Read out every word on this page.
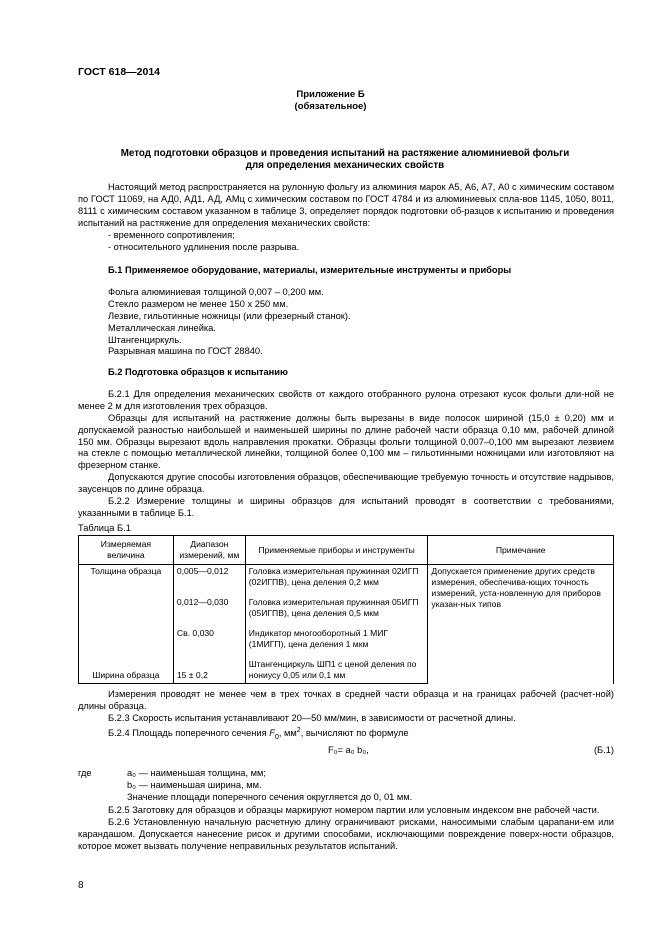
ГОСТ 618—2014
Приложение Б
(обязательное)
Метод подготовки образцов и проведения испытаний на растяжение алюминиевой фольги
для определения механических свойств

Настоящий метод распространяется на рулонную фольгу из алюминия марок А5, А6, А7, А0 с химическим составом по ГОСТ 11069, на АД0, АД1, АД, АМц с химическим составом по ГОСТ 4784 и из алюминиевых спла-вов 1145, 1050, 8011, 8111 с химическим составом указанном в таблице 3, определяет порядок подготовки об-разцов к испытанию и проведения испытаний на растяжение для определения механических свойств:

- временного сопротивления;

- относительного удлинения после разрыва.

Б.1 Применяемое оборудование, материалы, измерительные инструменты и приборы

Фольга алюминиевая толщиной 0,007 – 0,200 мм.

Стекло размером не менее 150 х 250 мм.

Лезвие, гильотинные ножницы (или фрезерный станок).

Металлическая линейка.

Штангенциркуль.

Разрывная машина по ГОСТ 28840.

Б.2 Подготовка образцов к испытанию

Б.2.1 Для определения механических свойств от каждого отобранного рулона отрезают кусок фольги дли-ной не менее 2 м для изготовления трех образцов.

Образцы для испытаний на растяжение должны быть вырезаны в виде полосок шириной (15,0 ± 0,20) мм и допускаемой разностью наибольшей и наименьшей ширины по длине рабочей части образца 0,10 мм, рабочей длиной 150 мм. Образцы вырезают вдоль направления прокатки. Образцы фольги толщиной 0,007–0,100 мм вырезают лезвием на стекле с помощью металлической линейки, толщиной более 0,100 мм – гильотинными ножницами или изготовляют на фрезерном станке.

Допускаются другие способы изготовления образцов, обеспечивающие требуемую точность и отсутствие надрывов, заусенцов по длине образца.

Б.2.2 Измерение толщины и ширины образцов для испытаний проводят в соответствии с требованиями, указанными в таблице Б.1.

Таблица Б.1
Измеряемая величина	Диапазон измерений, мм	Применяемые приборы и инструменты	Примечание
Толщина образца	0,005—0,012	Головка измерительная пружинная 02ИГП (02ИГПВ), цена деления 0,2 мкм	Допускается применение других средств измерения, обеспечива-ющих точность измерений, уста-новленную для приборов указан-ных типов
	0,012—0,030	Головка измерительная пружинная 05ИГП (05ИГПВ), цена деления 0,5 мкм	
	Св. 0,030	Индикатор многооборотный 1 МИГ (1МИГП), цена деления 1 мкм	
Ширина образца	15 ± 0,2	Штангенциркуль ШП1 с ценой деления по нониусу 0,05 или 0,1 мм	

Измерения проводят не менее чем в трех точках в средней части образца и на границах рабочей (расчет-ной) длины образца.

Б.2.3 Скорость испытания устанавливают 20—50 мм/мин, в зависимости от расчетной длины.

Б.2.4 Площадь поперечного сечения $F_0$, $мм^2$, вычисляют по формуле

F₀= a₀ b₀,	(Б.1)
где	a₀ — наименьшая толщина, мм;

b₀ — наименьшая ширина, мм.

Значение площади поперечного сечения округляется до 0, 01 мм.

Б.2.5 Заготовку для образцов и образцы маркируют номером партии или условным индексом вне рабочей части.

Б.2.6 Установленную начальную расчетную длину ограничивают рисками, наносимыми слабым царапани-ем или карандашом. Допускается нанесение рисок и другими способами, исключающими повреждение поверх-ности образцов, которое может вызвать получение неправильных результатов испытаний.

8
